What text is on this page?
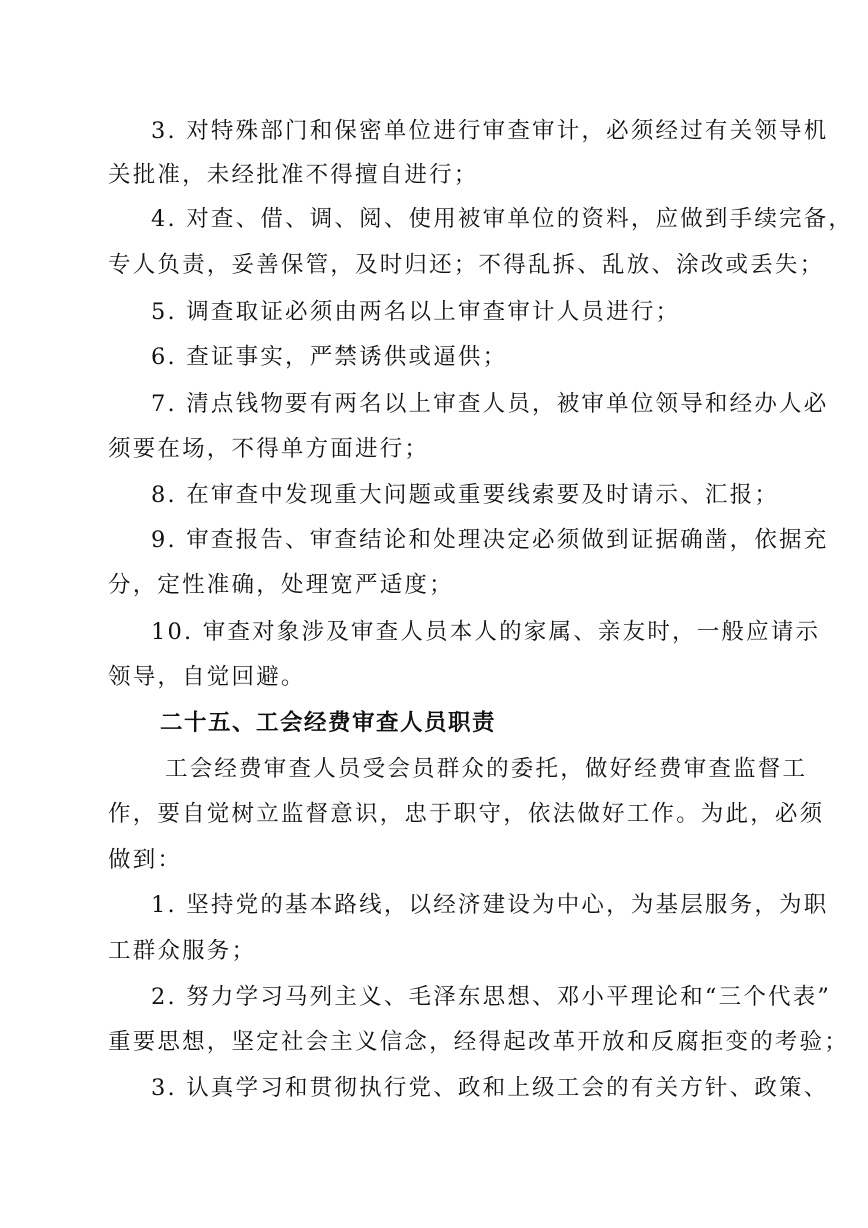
3. 对特殊部门和保密单位进行审查审计，必须经过有关领导机
关批准，未经批准不得擅自进行；
4. 对查、借、调、阅、使用被审单位的资料，应做到手续完备，
专人负责，妥善保管，及时归还；不得乱拆、乱放、涂改或丢失；
5. 调查取证必须由两名以上审查审计人员进行；
6. 查证事实，严禁诱供或逼供；
7. 清点钱物要有两名以上审查人员，被审单位领导和经办人必
须要在场，不得单方面进行；
8. 在审查中发现重大问题或重要线索要及时请示、汇报；
9. 审查报告、审查结论和处理决定必须做到证据确凿，依据充
分，定性准确，处理宽严适度；
10. 审查对象涉及审查人员本人的家属、亲友时，一般应请示
领导，自觉回避。
二十五、工会经费审查人员职责
工会经费审查人员受会员群众的委托，做好经费审查监督工
作，要自觉树立监督意识，忠于职守，依法做好工作。为此，必须
做到：
1. 坚持党的基本路线，以经济建设为中心，为基层服务，为职
工群众服务；
2. 努力学习马列主义、毛泽东思想、邓小平理论和“三个代表”
重要思想，坚定社会主义信念，经得起改革开放和反腐拒变的考验；
3. 认真学习和贯彻执行党、政和上级工会的有关方针、政策、
